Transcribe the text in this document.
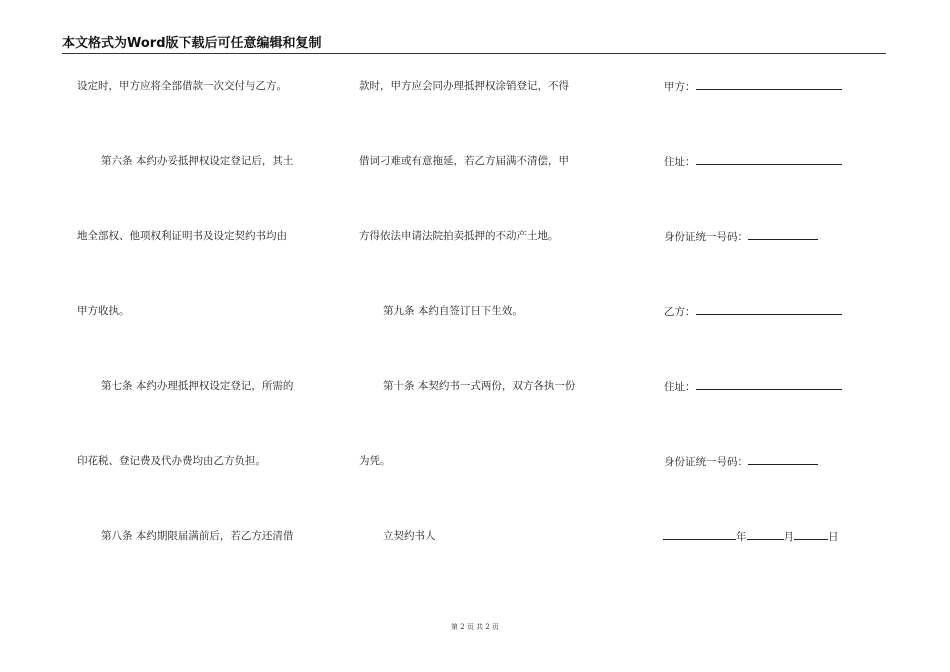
本文格式为Word版下载后可任意编辑和复制
设定时，甲方应将全部借款一次交付与乙方。
第六条 本约办妥抵押权设定登记后，其土
地全部权、他项权利证明书及设定契约书均由
甲方收执。
第七条 本约办理抵押权设定登记，所需的
印花税、登记费及代办费均由乙方负担。
第八条 本约期限届满前后，若乙方还清借
款时，甲方应会同办理抵押权涂销登记，不得
借词刁难或有意拖延，若乙方届满不清偿，甲
方得依法申请法院拍卖抵押的不动产土地。
第九条 本约自签订日下生效。
第十条 本契约书一式两份，双方各执一份
为凭。
立契约书人
甲方：
住址：
身份证统一号码：
乙方：
住址：
身份证统一号码：
年	月	日
第 2 页 共 2 页
